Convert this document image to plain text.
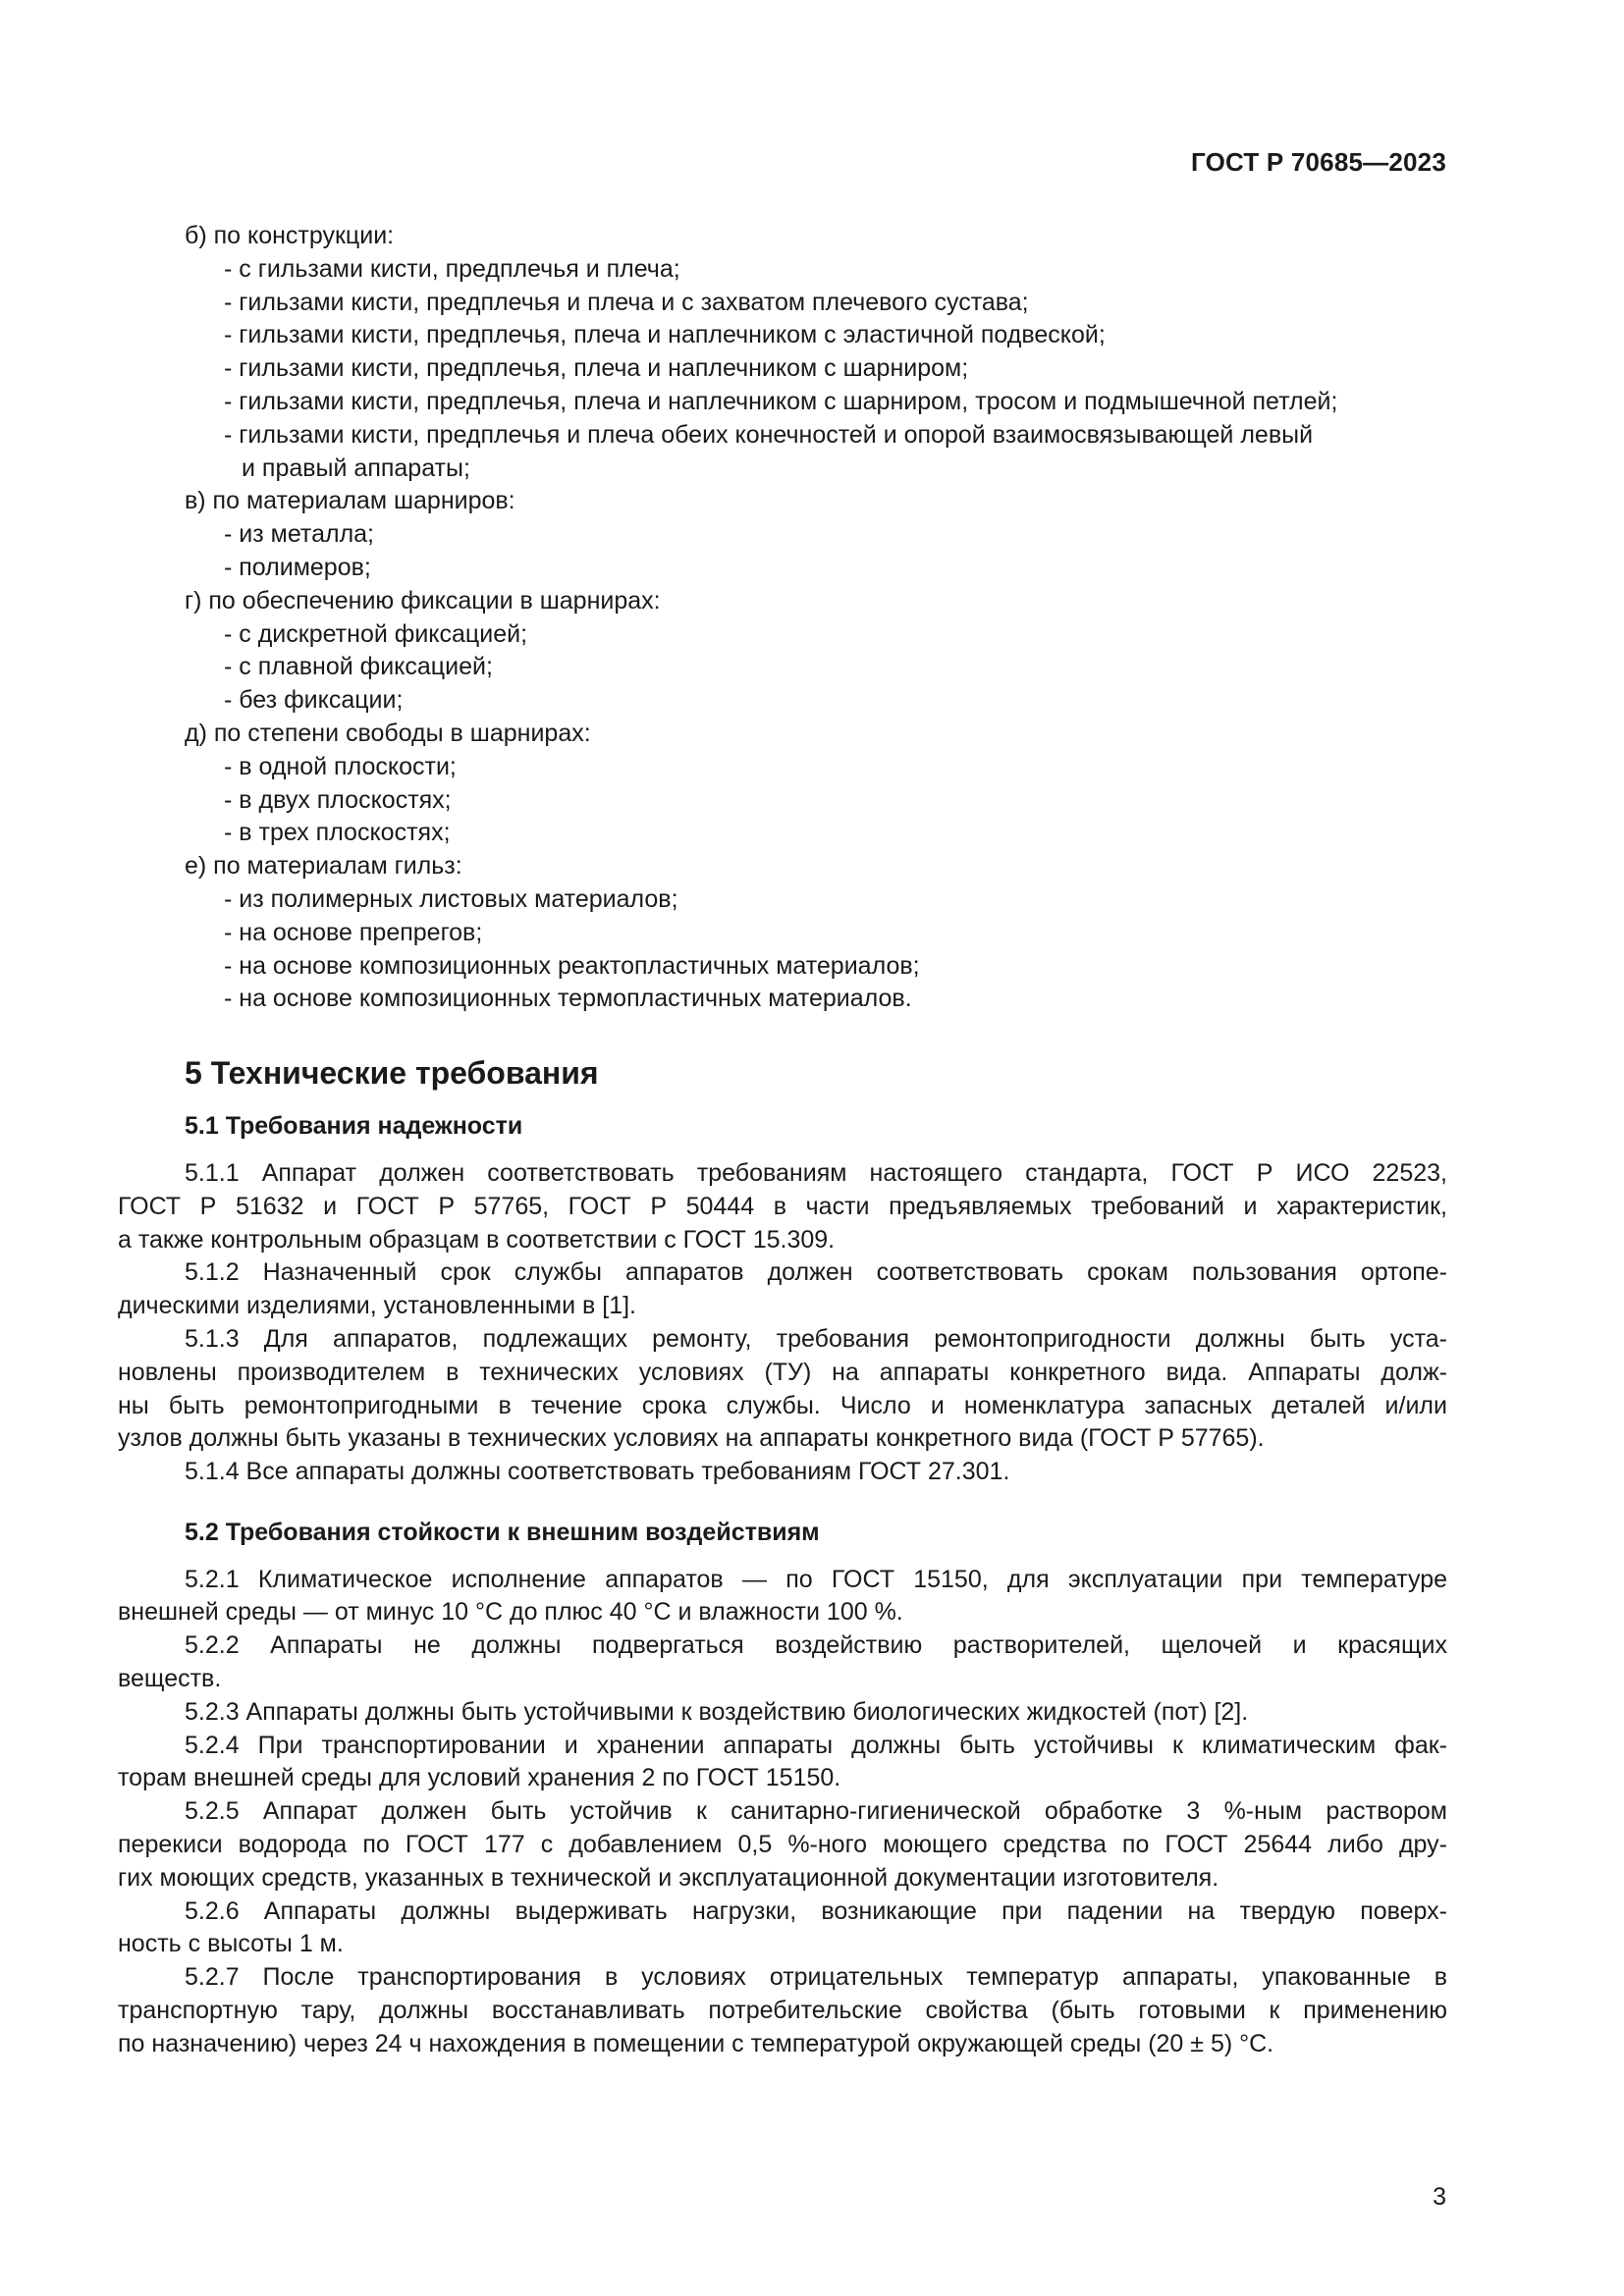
ГОСТ Р 70685—2023
б) по конструкции:
- с гильзами кисти, предплечья и плеча;
- гильзами кисти, предплечья и плеча и с захватом плечевого сустава;
- гильзами кисти, предплечья, плеча и наплечником с эластичной подвеской;
- гильзами кисти, предплечья, плеча и наплечником с шарниром;
- гильзами кисти, предплечья, плеча и наплечником с шарниром, тросом и подмышечной петлей;
- гильзами кисти, предплечья и плеча обеих конечностей и опорой взаимосвязывающей левый
и правый аппараты;
в) по материалам шарниров:
- из металла;
- полимеров;
г) по обеспечению фиксации в шарнирах:
- с дискретной фиксацией;
- с плавной фиксацией;
- без фиксации;
д) по степени свободы в шарнирах:
- в одной плоскости;
- в двух плоскостях;
- в трех плоскостях;
е) по материалам гильз:
- из полимерных листовых материалов;
- на основе препрегов;
- на основе композиционных реактопластичных материалов;
- на основе композиционных термопластичных материалов.
5 Технические требования
5.1 Требования надежности
5.1.1 Аппарат должен соответствовать требованиям настоящего стандарта, ГОСТ Р ИСО 22523,
ГОСТ Р 51632 и ГОСТ Р 57765, ГОСТ Р 50444 в части предъявляемых требований и характеристик,
а также контрольным образцам в соответствии с ГОСТ 15.309.
5.1.2 Назначенный срок службы аппаратов должен соответствовать срокам пользования ортопе-
дическими изделиями, установленными в [1].
5.1.3 Для аппаратов, подлежащих ремонту, требования ремонтопригодности должны быть уста-
новлены производителем в технических условиях (ТУ) на аппараты конкретного вида. Аппараты долж-
ны быть ремонтопригодными в течение срока службы. Число и номенклатура запасных деталей и/или
узлов должны быть указаны в технических условиях на аппараты конкретного вида (ГОСТ Р 57765).
5.1.4 Все аппараты должны соответствовать требованиям ГОСТ 27.301.
5.2 Требования стойкости к внешним воздействиям
5.2.1 Климатическое исполнение аппаратов — по ГОСТ 15150, для эксплуатации при температуре
внешней среды — от минус 10 °С до плюс 40 °С и влажности 100 %.
5.2.2 Аппараты не должны подвергаться воздействию растворителей, щелочей и красящих
веществ.
5.2.3 Аппараты должны быть устойчивыми к воздействию биологических жидкостей (пот) [2].
5.2.4 При транспортировании и хранении аппараты должны быть устойчивы к климатическим фак-
торам внешней среды для условий хранения 2 по ГОСТ 15150.
5.2.5 Аппарат должен быть устойчив к санитарно-гигиенической обработке 3 %-ным раствором
перекиси водорода по ГОСТ 177 с добавлением 0,5 %-ного моющего средства по ГОСТ 25644 либо дру-
гих моющих средств, указанных в технической и эксплуатационной документации изготовителя.
5.2.6 Аппараты должны выдерживать нагрузки, возникающие при падении на твердую поверх-
ность с высоты 1 м.
5.2.7 После транспортирования в условиях отрицательных температур аппараты, упакованные в
транспортную тару, должны восстанавливать потребительские свойства (быть готовыми к применению
по назначению) через 24 ч нахождения в помещении с температурой окружающей среды (20 ± 5) °С.
3
